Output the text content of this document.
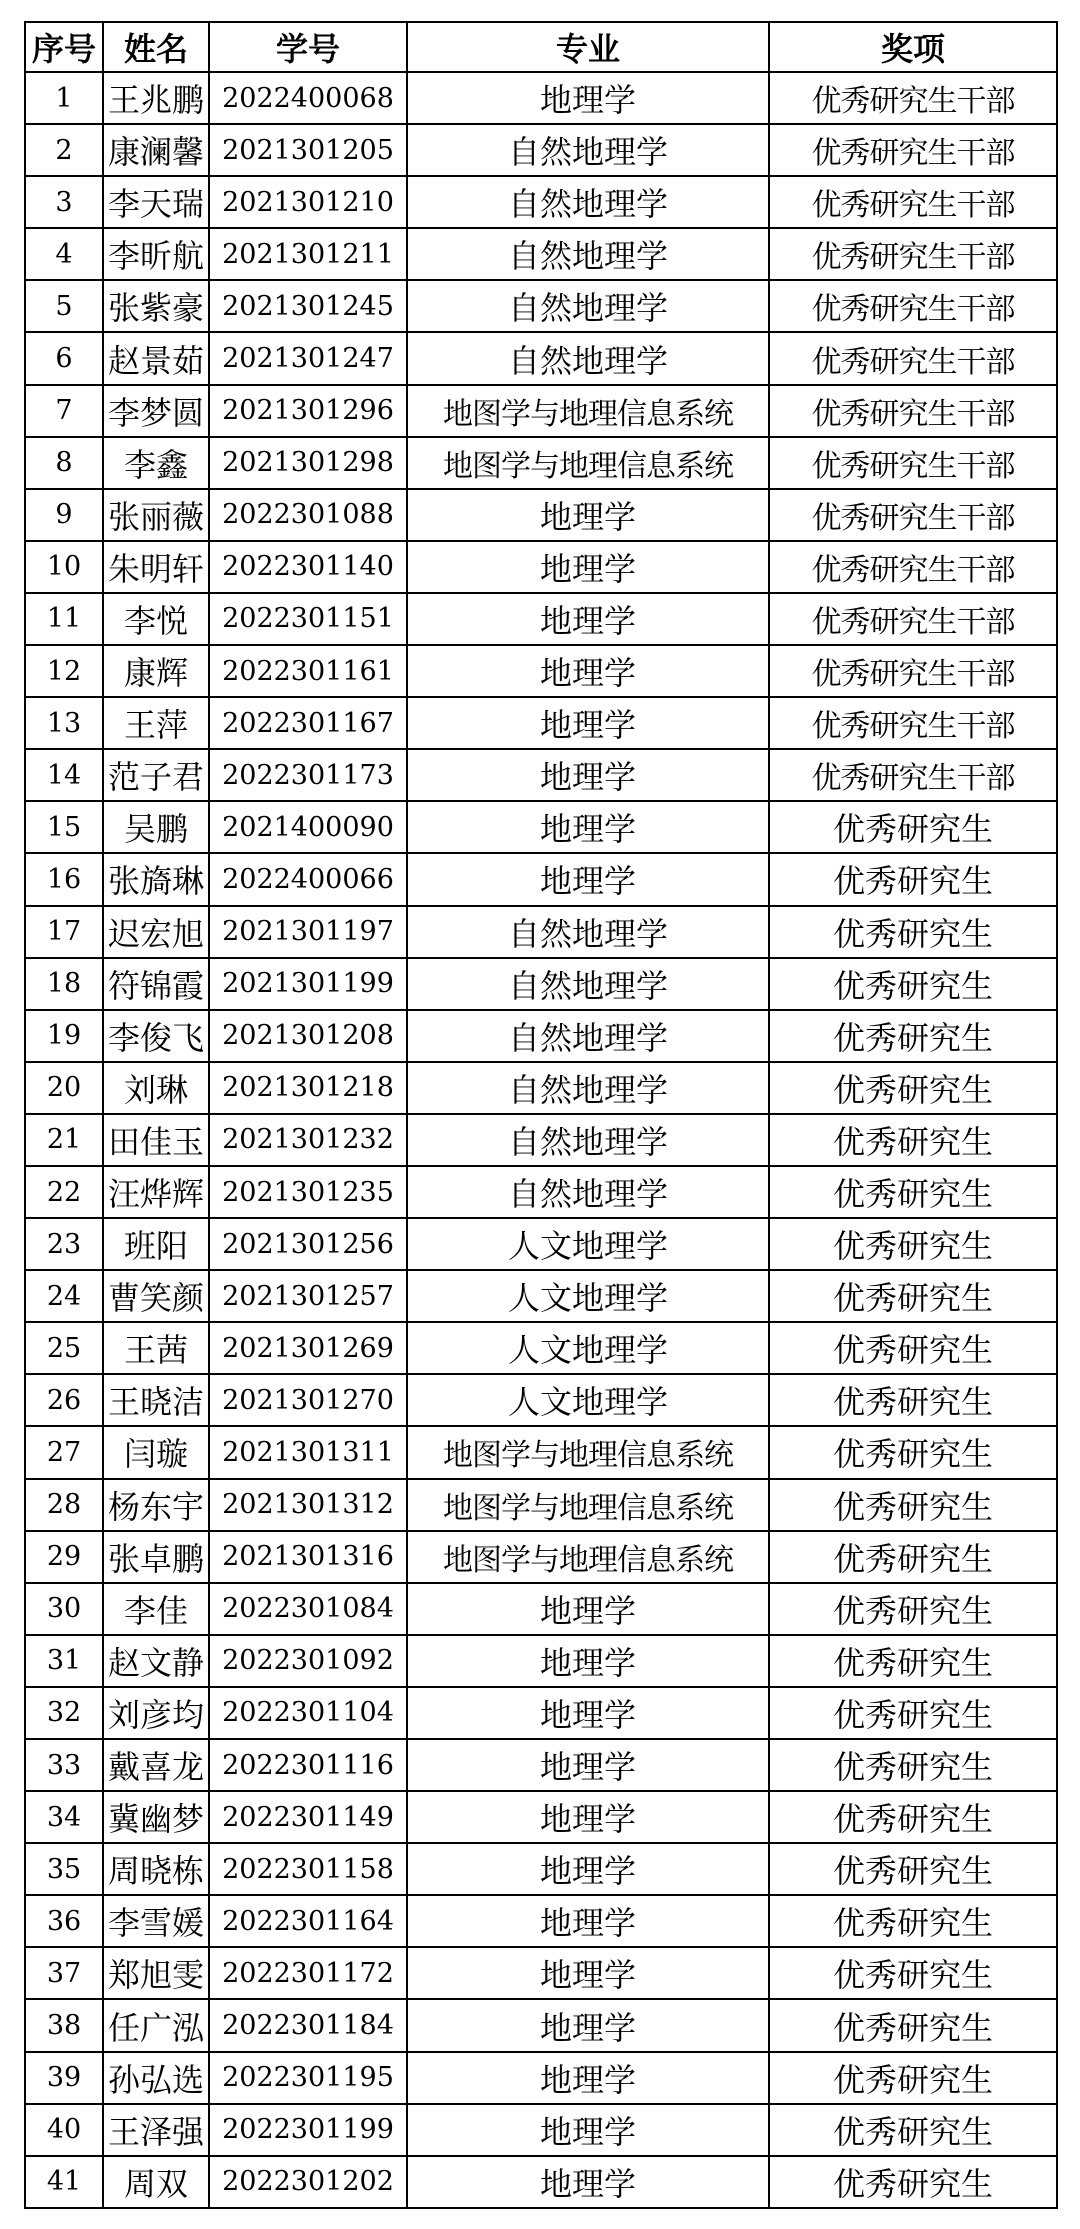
序号	姓名	学号	专业	奖项
1	王兆鹏	2022400068	地理学	优秀研究生干部
2	康澜馨	2021301205	自然地理学	优秀研究生干部
3	李天瑞	2021301210	自然地理学	优秀研究生干部
4	李昕航	2021301211	自然地理学	优秀研究生干部
5	张紫豪	2021301245	自然地理学	优秀研究生干部
6	赵景茹	2021301247	自然地理学	优秀研究生干部
7	李梦圆	2021301296	地图学与地理信息系统	优秀研究生干部
8	李鑫	2021301298	地图学与地理信息系统	优秀研究生干部
9	张丽薇	2022301088	地理学	优秀研究生干部
10	朱明轩	2022301140	地理学	优秀研究生干部
11	李悦	2022301151	地理学	优秀研究生干部
12	康辉	2022301161	地理学	优秀研究生干部
13	王萍	2022301167	地理学	优秀研究生干部
14	范子君	2022301173	地理学	优秀研究生干部
15	吴鹏	2021400090	地理学	优秀研究生
16	张旖琳	2022400066	地理学	优秀研究生
17	迟宏旭	2021301197	自然地理学	优秀研究生
18	符锦霞	2021301199	自然地理学	优秀研究生
19	李俊飞	2021301208	自然地理学	优秀研究生
20	刘琳	2021301218	自然地理学	优秀研究生
21	田佳玉	2021301232	自然地理学	优秀研究生
22	汪烨辉	2021301235	自然地理学	优秀研究生
23	班阳	2021301256	人文地理学	优秀研究生
24	曹笑颜	2021301257	人文地理学	优秀研究生
25	王茜	2021301269	人文地理学	优秀研究生
26	王晓洁	2021301270	人文地理学	优秀研究生
27	闫璇	2021301311	地图学与地理信息系统	优秀研究生
28	杨东宇	2021301312	地图学与地理信息系统	优秀研究生
29	张卓鹏	2021301316	地图学与地理信息系统	优秀研究生
30	李佳	2022301084	地理学	优秀研究生
31	赵文静	2022301092	地理学	优秀研究生
32	刘彦均	2022301104	地理学	优秀研究生
33	戴喜龙	2022301116	地理学	优秀研究生
34	冀幽梦	2022301149	地理学	优秀研究生
35	周晓栋	2022301158	地理学	优秀研究生
36	李雪媛	2022301164	地理学	优秀研究生
37	郑旭雯	2022301172	地理学	优秀研究生
38	任广泓	2022301184	地理学	优秀研究生
39	孙弘选	2022301195	地理学	优秀研究生
40	王泽强	2022301199	地理学	优秀研究生
41	周双	2022301202	地理学	优秀研究生
